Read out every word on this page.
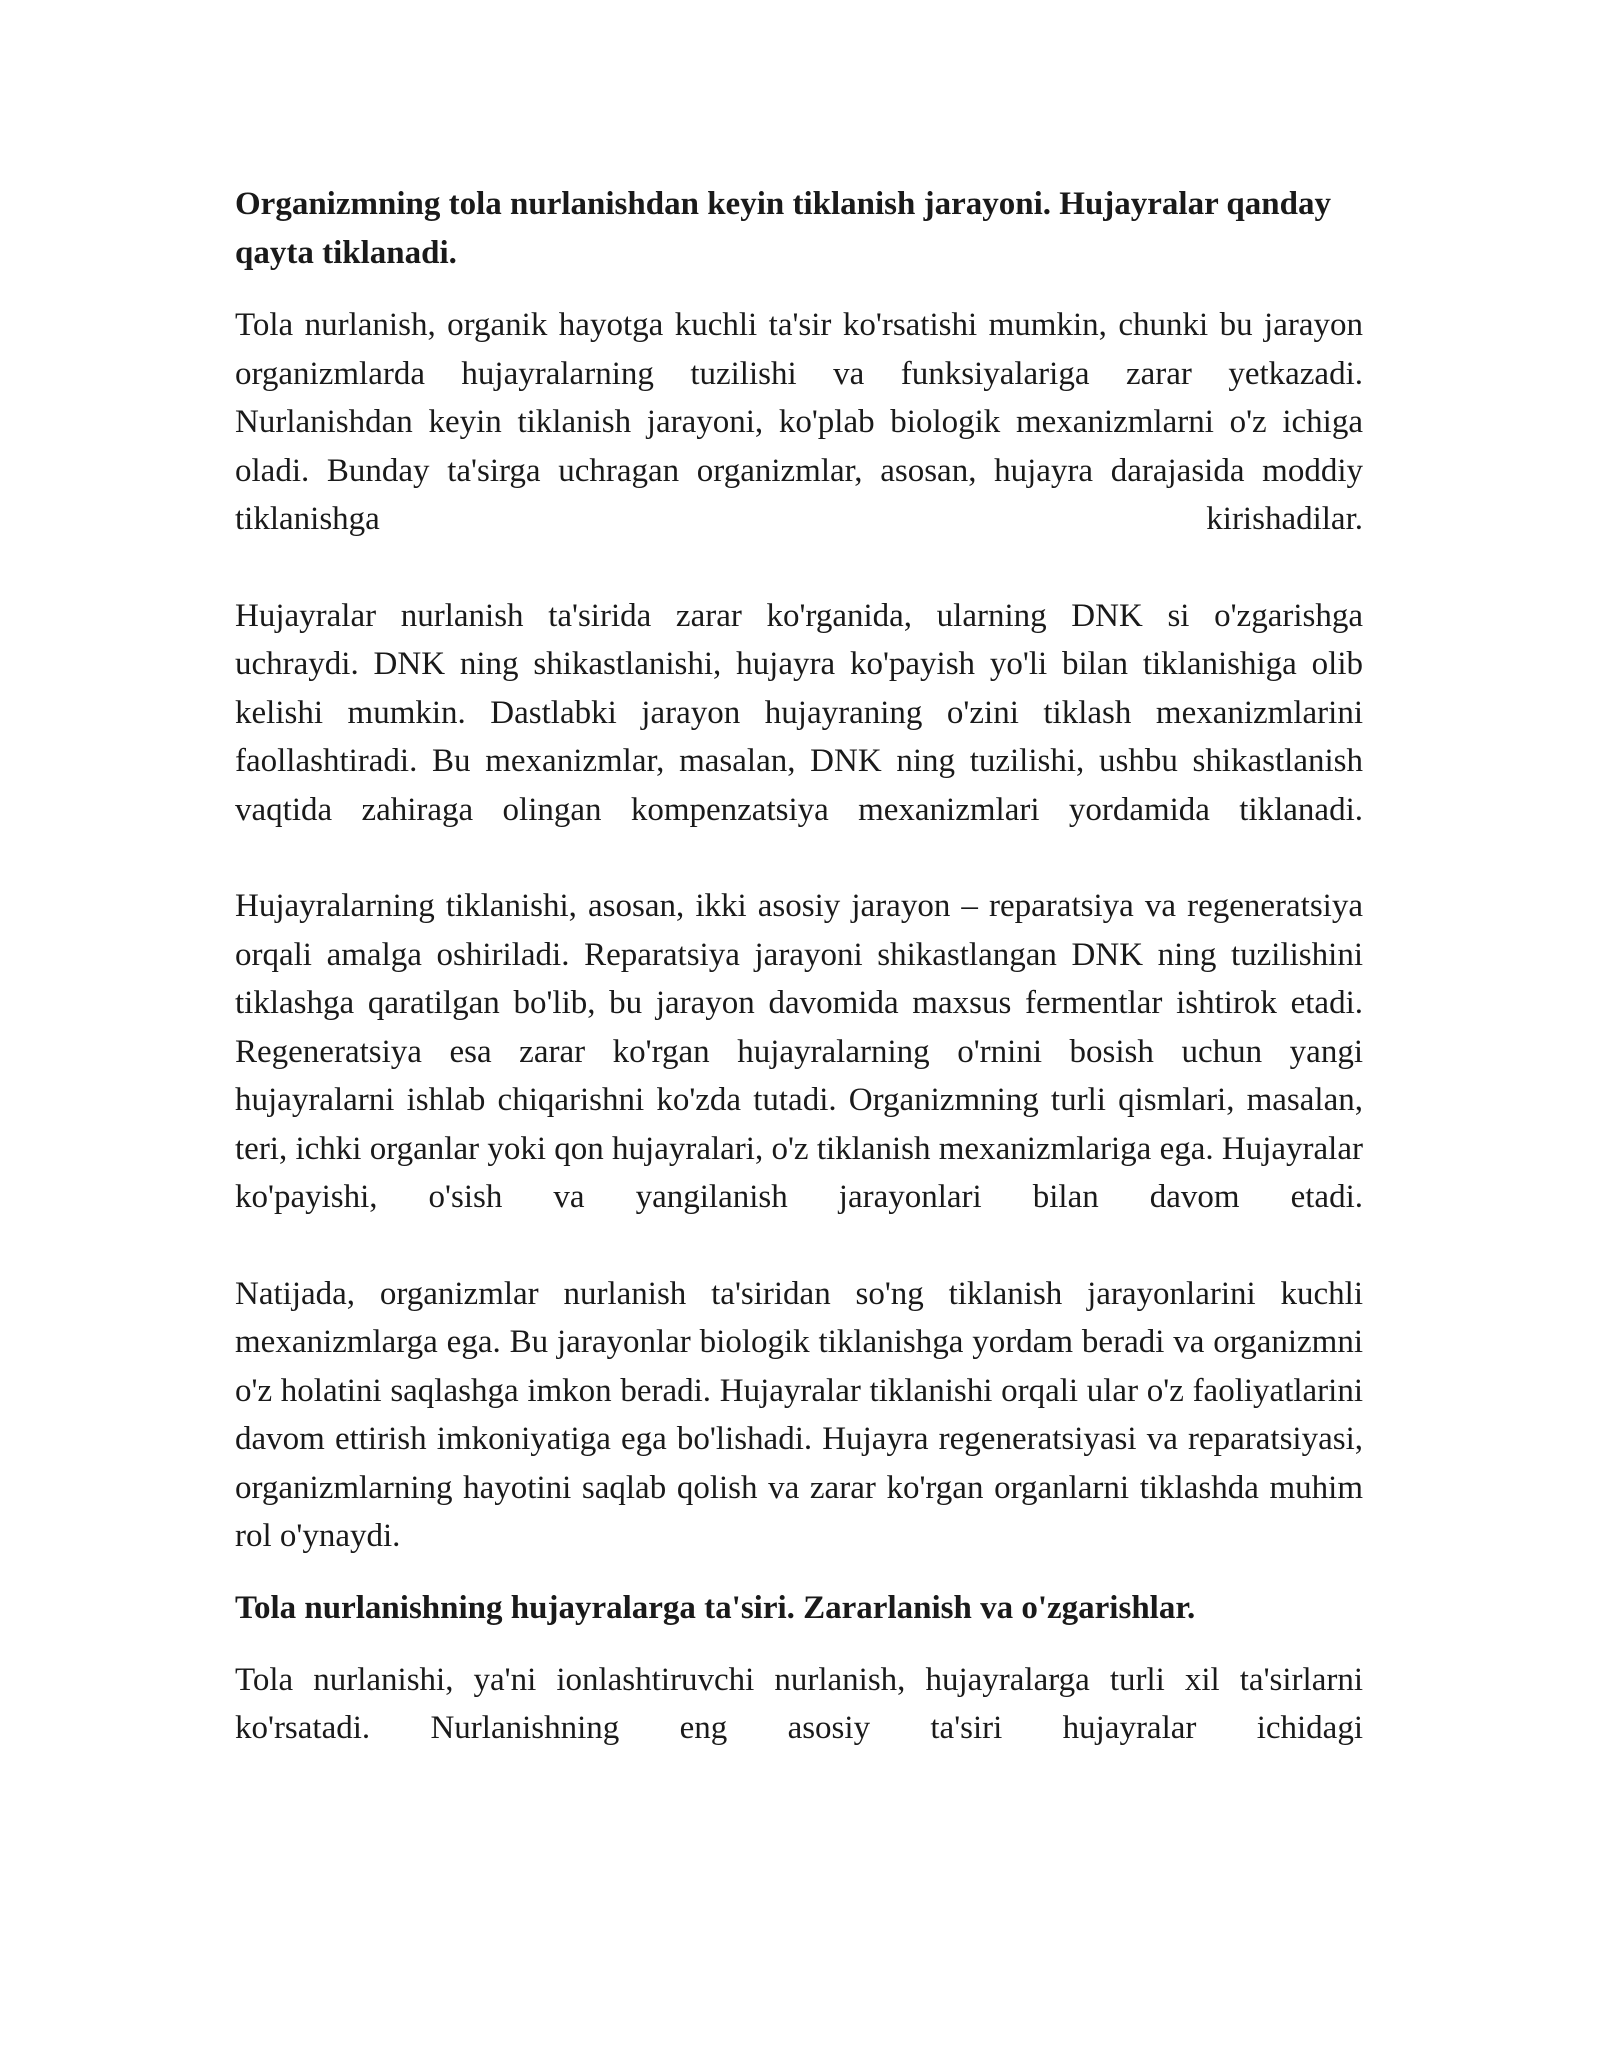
Organizmning tola nurlanishdan keyin tiklanish jarayoni. Hujayralar qanday qayta tiklanadi.

Tola nurlanish, organik hayotga kuchli ta'sir ko'rsatishi mumkin, chunki bu jarayon organizmlarda hujayralarning tuzilishi va funksiyalariga zarar yetkazadi. Nurlanishdan keyin tiklanish jarayoni, ko'plab biologik mexanizmlarni o'z ichiga oladi. Bunday ta'sirga uchragan organizmlar, asosan, hujayra darajasida moddiy tiklanishga kirishadilar.

Hujayralar nurlanish ta'sirida zarar ko'rganida, ularning DNK si o'zgarishga uchraydi. DNK ning shikastlanishi, hujayra ko'payish yo'li bilan tiklanishiga olib kelishi mumkin. Dastlabki jarayon hujayraning o'zini tiklash mexanizmlarini faollashtiradi. Bu mexanizmlar, masalan, DNK ning tuzilishi, ushbu shikastlanish vaqtida zahiraga olingan kompenzatsiya mexanizmlari yordamida tiklanadi.

Hujayralarning tiklanishi, asosan, ikki asosiy jarayon – reparatsiya va regeneratsiya orqali amalga oshiriladi. Reparatsiya jarayoni shikastlangan DNK ning tuzilishini tiklashga qaratilgan bo'lib, bu jarayon davomida maxsus fermentlar ishtirok etadi. Regeneratsiya esa zarar ko'rgan hujayralarning o'rnini bosish uchun yangi hujayralarni ishlab chiqarishni ko'zda tutadi. Organizmning turli qismlari, masalan, teri, ichki organlar yoki qon hujayralari, o'z tiklanish mexanizmlariga ega. Hujayralar ko'payishi, o'sish va yangilanish jarayonlari bilan davom etadi.

Natijada, organizmlar nurlanish ta'siridan so'ng tiklanish jarayonlarini kuchli mexanizmlarga ega. Bu jarayonlar biologik tiklanishga yordam beradi va organizmni o'z holatini saqlashga imkon beradi. Hujayralar tiklanishi orqali ular o'z faoliyatlarini davom ettirish imkoniyatiga ega bo'lishadi. Hujayra regeneratsiyasi va reparatsiyasi, organizmlarning hayotini saqlab qolish va zarar ko'rgan organlarni tiklashda muhim rol o'ynaydi.

Tola nurlanishning hujayralarga ta'siri. Zararlanish va o'zgarishlar.

Tola nurlanishi, ya'ni ionlashtiruvchi nurlanish, hujayralarga turli xil ta'sirlarni ko'rsatadi. Nurlanishning eng asosiy ta'siri hujayralar ichidagi
